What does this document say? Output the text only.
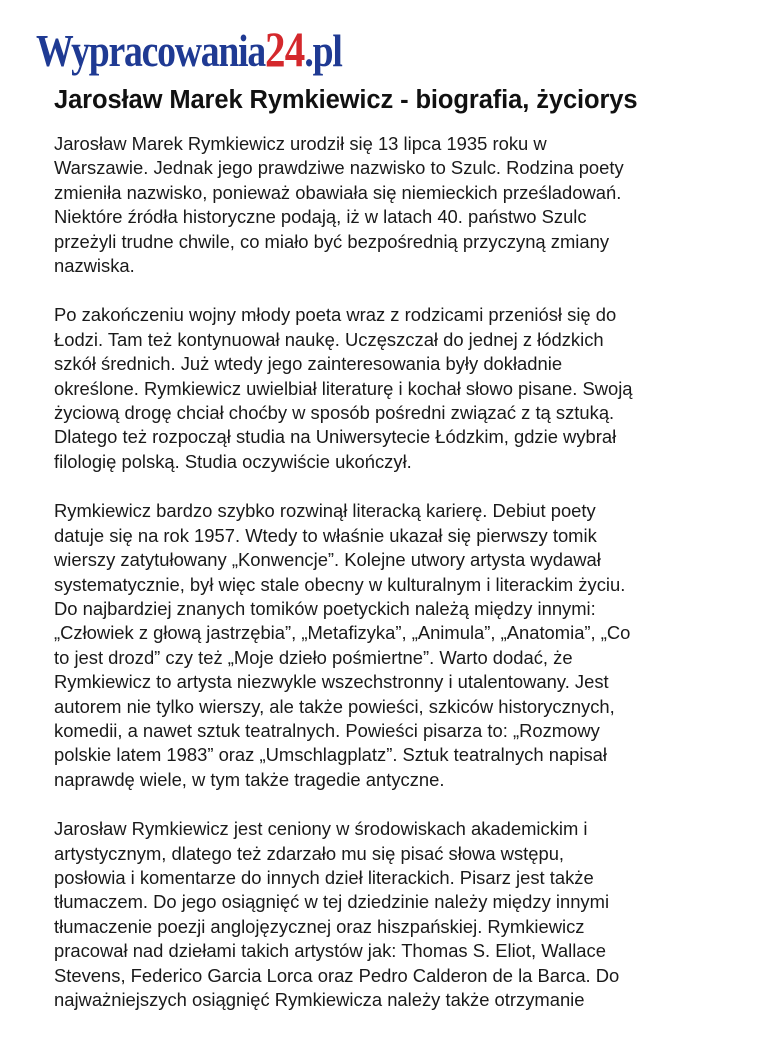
Wypracowania24.pl
Jarosław Marek Rymkiewicz - biografia, życiorys

Jarosław Marek Rymkiewicz urodził się 13 lipca 1935 roku w
Warszawie. Jednak jego prawdziwe nazwisko to Szulc. Rodzina poety
zmieniła nazwisko, ponieważ obawiała się niemieckich prześladowań.
Niektóre źródła historyczne podają, iż w latach 40. państwo Szulc
przeżyli trudne chwile, co miało być bezpośrednią przyczyną zmiany
nazwiska.

Po zakończeniu wojny młody poeta wraz z rodzicami przeniósł się do
Łodzi. Tam też kontynuował naukę. Uczęszczał do jednej z łódzkich
szkół średnich. Już wtedy jego zainteresowania były dokładnie
określone. Rymkiewicz uwielbiał literaturę i kochał słowo pisane. Swoją
życiową drogę chciał choćby w sposób pośredni związać z tą sztuką.
Dlatego też rozpoczął studia na Uniwersytecie Łódzkim, gdzie wybrał
filologię polską. Studia oczywiście ukończył.

Rymkiewicz bardzo szybko rozwinął literacką karierę. Debiut poety
datuje się na rok 1957. Wtedy to właśnie ukazał się pierwszy tomik
wierszy zatytułowany „Konwencje”. Kolejne utwory artysta wydawał
systematycznie, był więc stale obecny w kulturalnym i literackim życiu.
Do najbardziej znanych tomików poetyckich należą między innymi:
„Człowiek z głową jastrzębia”, „Metafizyka”, „Animula”, „Anatomia”, „Co
to jest drozd” czy też „Moje dzieło pośmiertne”. Warto dodać, że
Rymkiewicz to artysta niezwykle wszechstronny i utalentowany. Jest
autorem nie tylko wierszy, ale także powieści, szkiców historycznych,
komedii, a nawet sztuk teatralnych. Powieści pisarza to: „Rozmowy
polskie latem 1983” oraz „Umschlagplatz”. Sztuk teatralnych napisał
naprawdę wiele, w tym także tragedie antyczne.

Jarosław Rymkiewicz jest ceniony w środowiskach akademickim i
artystycznym, dlatego też zdarzało mu się pisać słowa wstępu,
posłowia i komentarze do innych dzieł literackich. Pisarz jest także
tłumaczem. Do jego osiągnięć w tej dziedzinie należy między innymi
tłumaczenie poezji anglojęzycznej oraz hiszpańskiej. Rymkiewicz
pracował nad dziełami takich artystów jak: Thomas S. Eliot, Wallace
Stevens, Federico Garcia Lorca oraz Pedro Calderon de la Barca. Do
najważniejszych osiągnięć Rymkiewicza należy także otrzymanie
